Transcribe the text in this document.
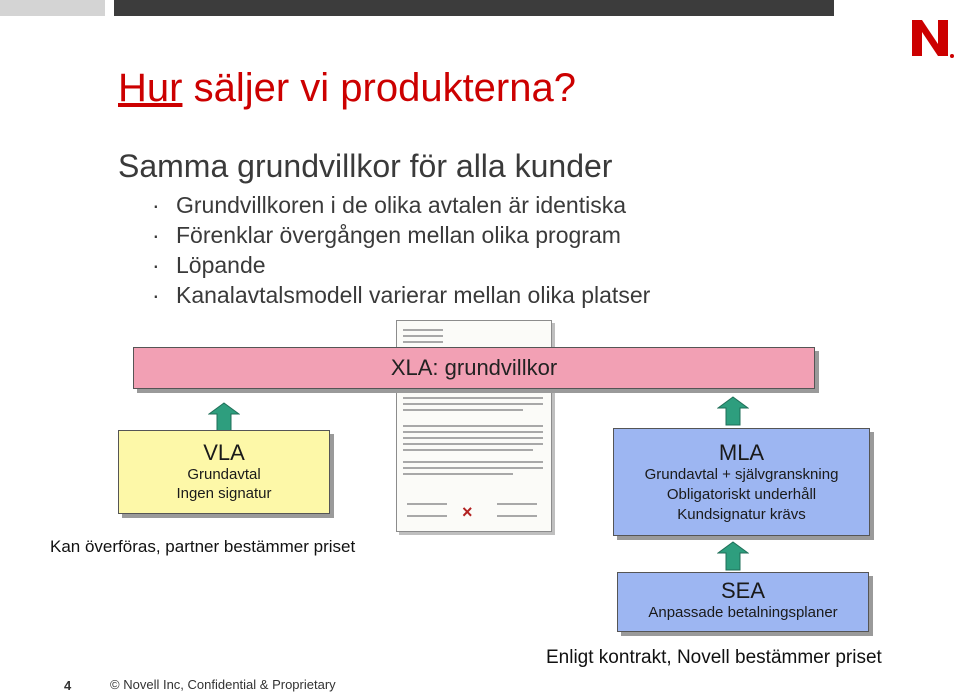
Hur säljer vi produkterna?
Samma grundvillkor för alla kunder
· Grundvillkoren i de olika avtalen är identiska
· Förenklar övergången mellan olika program
· Löpande
· Kanalavtalsmodell varierar mellan olika platser
×
XLA: grundvillkor
VLA
Grundavtal
Ingen signatur
Kan överföras, partner bestämmer priset
MLA
Grundavtal + självgranskning
Obligatoriskt underhåll
Kundsignatur krävs
SEA
Anpassade betalningsplaner
Enligt kontrakt, Novell bestämmer priset
4	© Novell Inc, Confidential & Proprietary
